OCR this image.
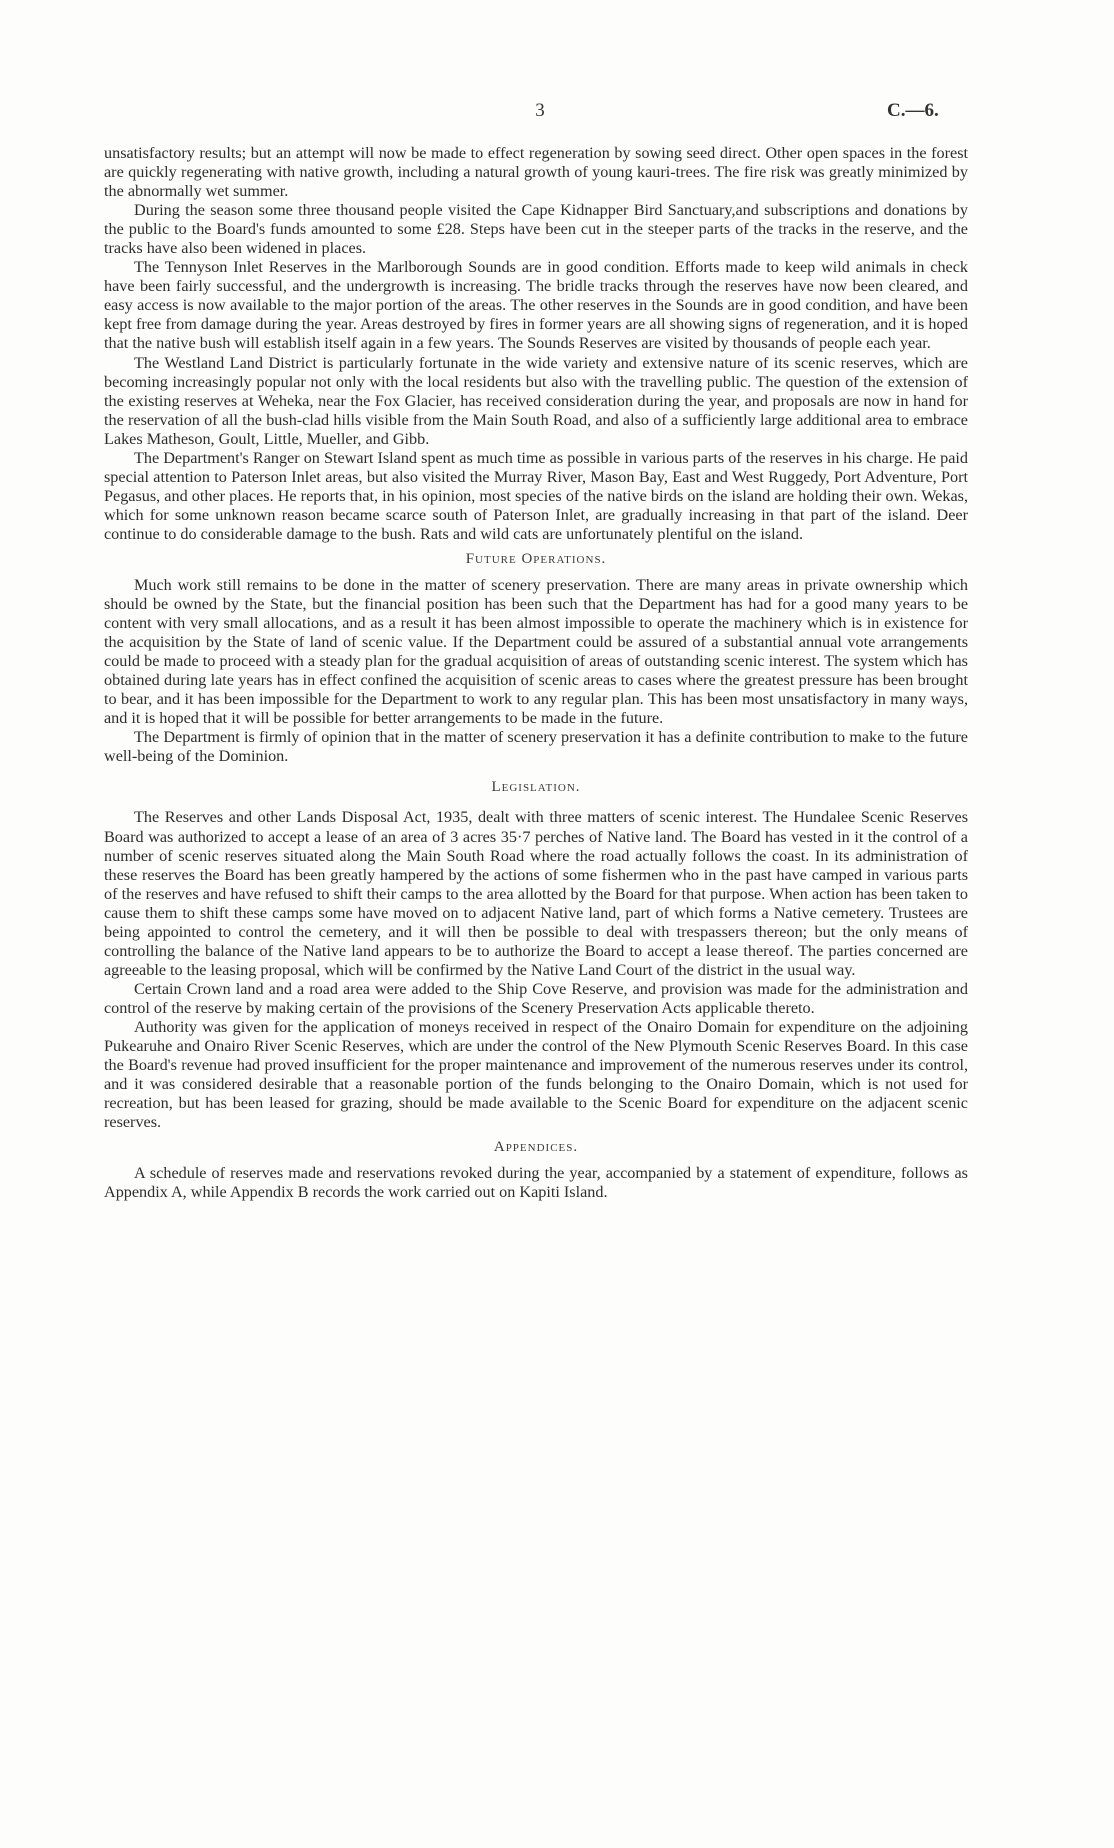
3	C.—6.

unsatisfactory results; but an attempt will now be made to effect regeneration by sowing seed direct. Other open spaces in the forest are quickly regenerating with native growth, including a natural growth of young kauri-trees. The fire risk was greatly minimized by the abnormally wet summer.

During the season some three thousand people visited the Cape Kidnapper Bird Sanctuary,and subscriptions and donations by the public to the Board's funds amounted to some £28. Steps have been cut in the steeper parts of the tracks in the reserve, and the tracks have also been widened in places.

The Tennyson Inlet Reserves in the Marlborough Sounds are in good condition. Efforts made to keep wild animals in check have been fairly successful, and the undergrowth is increasing. The bridle tracks through the reserves have now been cleared, and easy access is now available to the major portion of the areas. The other reserves in the Sounds are in good condition, and have been kept free from damage during the year. Areas destroyed by fires in former years are all showing signs of regeneration, and it is hoped that the native bush will establish itself again in a few years. The Sounds Reserves are visited by thousands of people each year.

The Westland Land District is particularly fortunate in the wide variety and extensive nature of its scenic reserves, which are becoming increasingly popular not only with the local residents but also with the travelling public. The question of the extension of the existing reserves at Weheka, near the Fox Glacier, has received consideration during the year, and proposals are now in hand for the reservation of all the bush-clad hills visible from the Main South Road, and also of a sufficiently large additional area to embrace Lakes Matheson, Goult, Little, Mueller, and Gibb.

The Department's Ranger on Stewart Island spent as much time as possible in various parts of the reserves in his charge. He paid special attention to Paterson Inlet areas, but also visited the Murray River, Mason Bay, East and West Ruggedy, Port Adventure, Port Pegasus, and other places. He reports that, in his opinion, most species of the native birds on the island are holding their own. Wekas, which for some unknown reason became scarce south of Paterson Inlet, are gradually increasing in that part of the island. Deer continue to do considerable damage to the bush. Rats and wild cats are unfortunately plentiful on the island.

Future Operations.

Much work still remains to be done in the matter of scenery preservation. There are many areas in private ownership which should be owned by the State, but the financial position has been such that the Department has had for a good many years to be content with very small allocations, and as a result it has been almost impossible to operate the machinery which is in existence for the acquisition by the State of land of scenic value. If the Department could be assured of a substantial annual vote arrangements could be made to proceed with a steady plan for the gradual acquisition of areas of outstanding scenic interest. The system which has obtained during late years has in effect confined the acquisition of scenic areas to cases where the greatest pressure has been brought to bear, and it has been impossible for the Department to work to any regular plan. This has been most unsatisfactory in many ways, and it is hoped that it will be possible for better arrangements to be made in the future.

The Department is firmly of opinion that in the matter of scenery preservation it has a definite contribution to make to the future well-being of the Dominion.

Legislation.

The Reserves and other Lands Disposal Act, 1935, dealt with three matters of scenic interest. The Hundalee Scenic Reserves Board was authorized to accept a lease of an area of 3 acres 35·7 perches of Native land. The Board has vested in it the control of a number of scenic reserves situated along the Main South Road where the road actually follows the coast. In its administration of these reserves the Board has been greatly hampered by the actions of some fishermen who in the past have camped in various parts of the reserves and have refused to shift their camps to the area allotted by the Board for that purpose. When action has been taken to cause them to shift these camps some have moved on to adjacent Native land, part of which forms a Native cemetery. Trustees are being appointed to control the cemetery, and it will then be possible to deal with trespassers thereon; but the only means of controlling the balance of the Native land appears to be to authorize the Board to accept a lease thereof. The parties concerned are agreeable to the leasing proposal, which will be confirmed by the Native Land Court of the district in the usual way.

Certain Crown land and a road area were added to the Ship Cove Reserve, and provision was made for the administration and control of the reserve by making certain of the provisions of the Scenery Preservation Acts applicable thereto.

Authority was given for the application of moneys received in respect of the Onairo Domain for expenditure on the adjoining Pukearuhe and Onairo River Scenic Reserves, which are under the control of the New Plymouth Scenic Reserves Board. In this case the Board's revenue had proved insufficient for the proper maintenance and improvement of the numerous reserves under its control, and it was considered desirable that a reasonable portion of the funds belonging to the Onairo Domain, which is not used for recreation, but has been leased for grazing, should be made available to the Scenic Board for expenditure on the adjacent scenic reserves.

Appendices.

A schedule of reserves made and reservations revoked during the year, accompanied by a statement of expenditure, follows as Appendix A, while Appendix B records the work carried out on Kapiti Island.
